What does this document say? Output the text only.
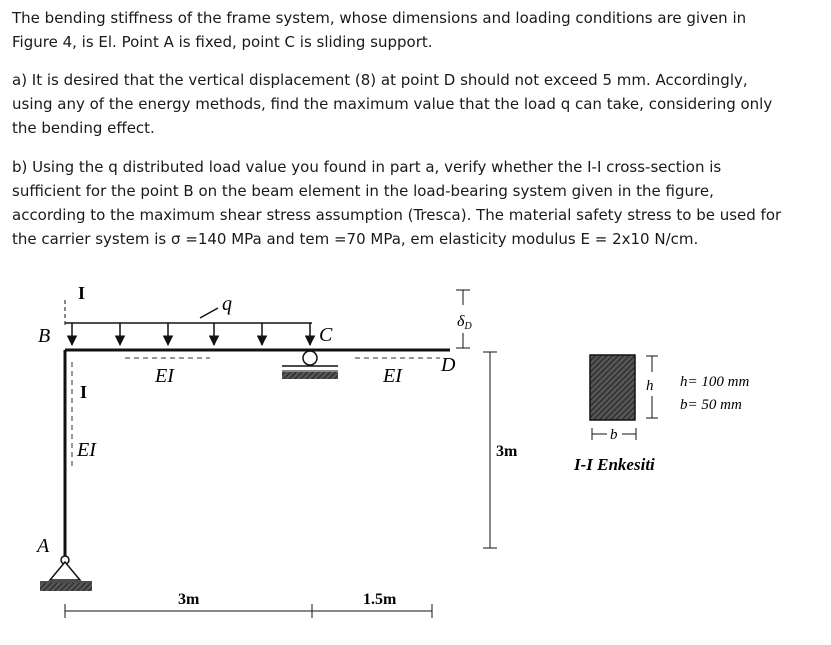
The bending stiffness of the frame system, whose dimensions and loading conditions are given in
Figure 4, is El. Point A is fixed, point C is sliding support.
a) It is desired that the vertical displacement (8) at point D should not exceed 5 mm. Accordingly,
using any of the energy methods, find the maximum value that the load q can take, considering only
the bending effect.
b) Using the q distributed load value you found in part a, verify whether the I-I cross-section is
sufficient for the point B on the beam element in the load-bearing system given in the figure,
according to the maximum shear stress assumption (Tresca). The material safety stress to be used for
the carrier system is σ =140 MPa and tem =70 MPa, em elasticity modulus E = 2x10 N/cm.
q
I
I
B
A
C
D
EI	EI
EI
δD
3m
3m	1.5m
h
b
h= 100 mm
b= 50 mm
I-I Enkesiti
